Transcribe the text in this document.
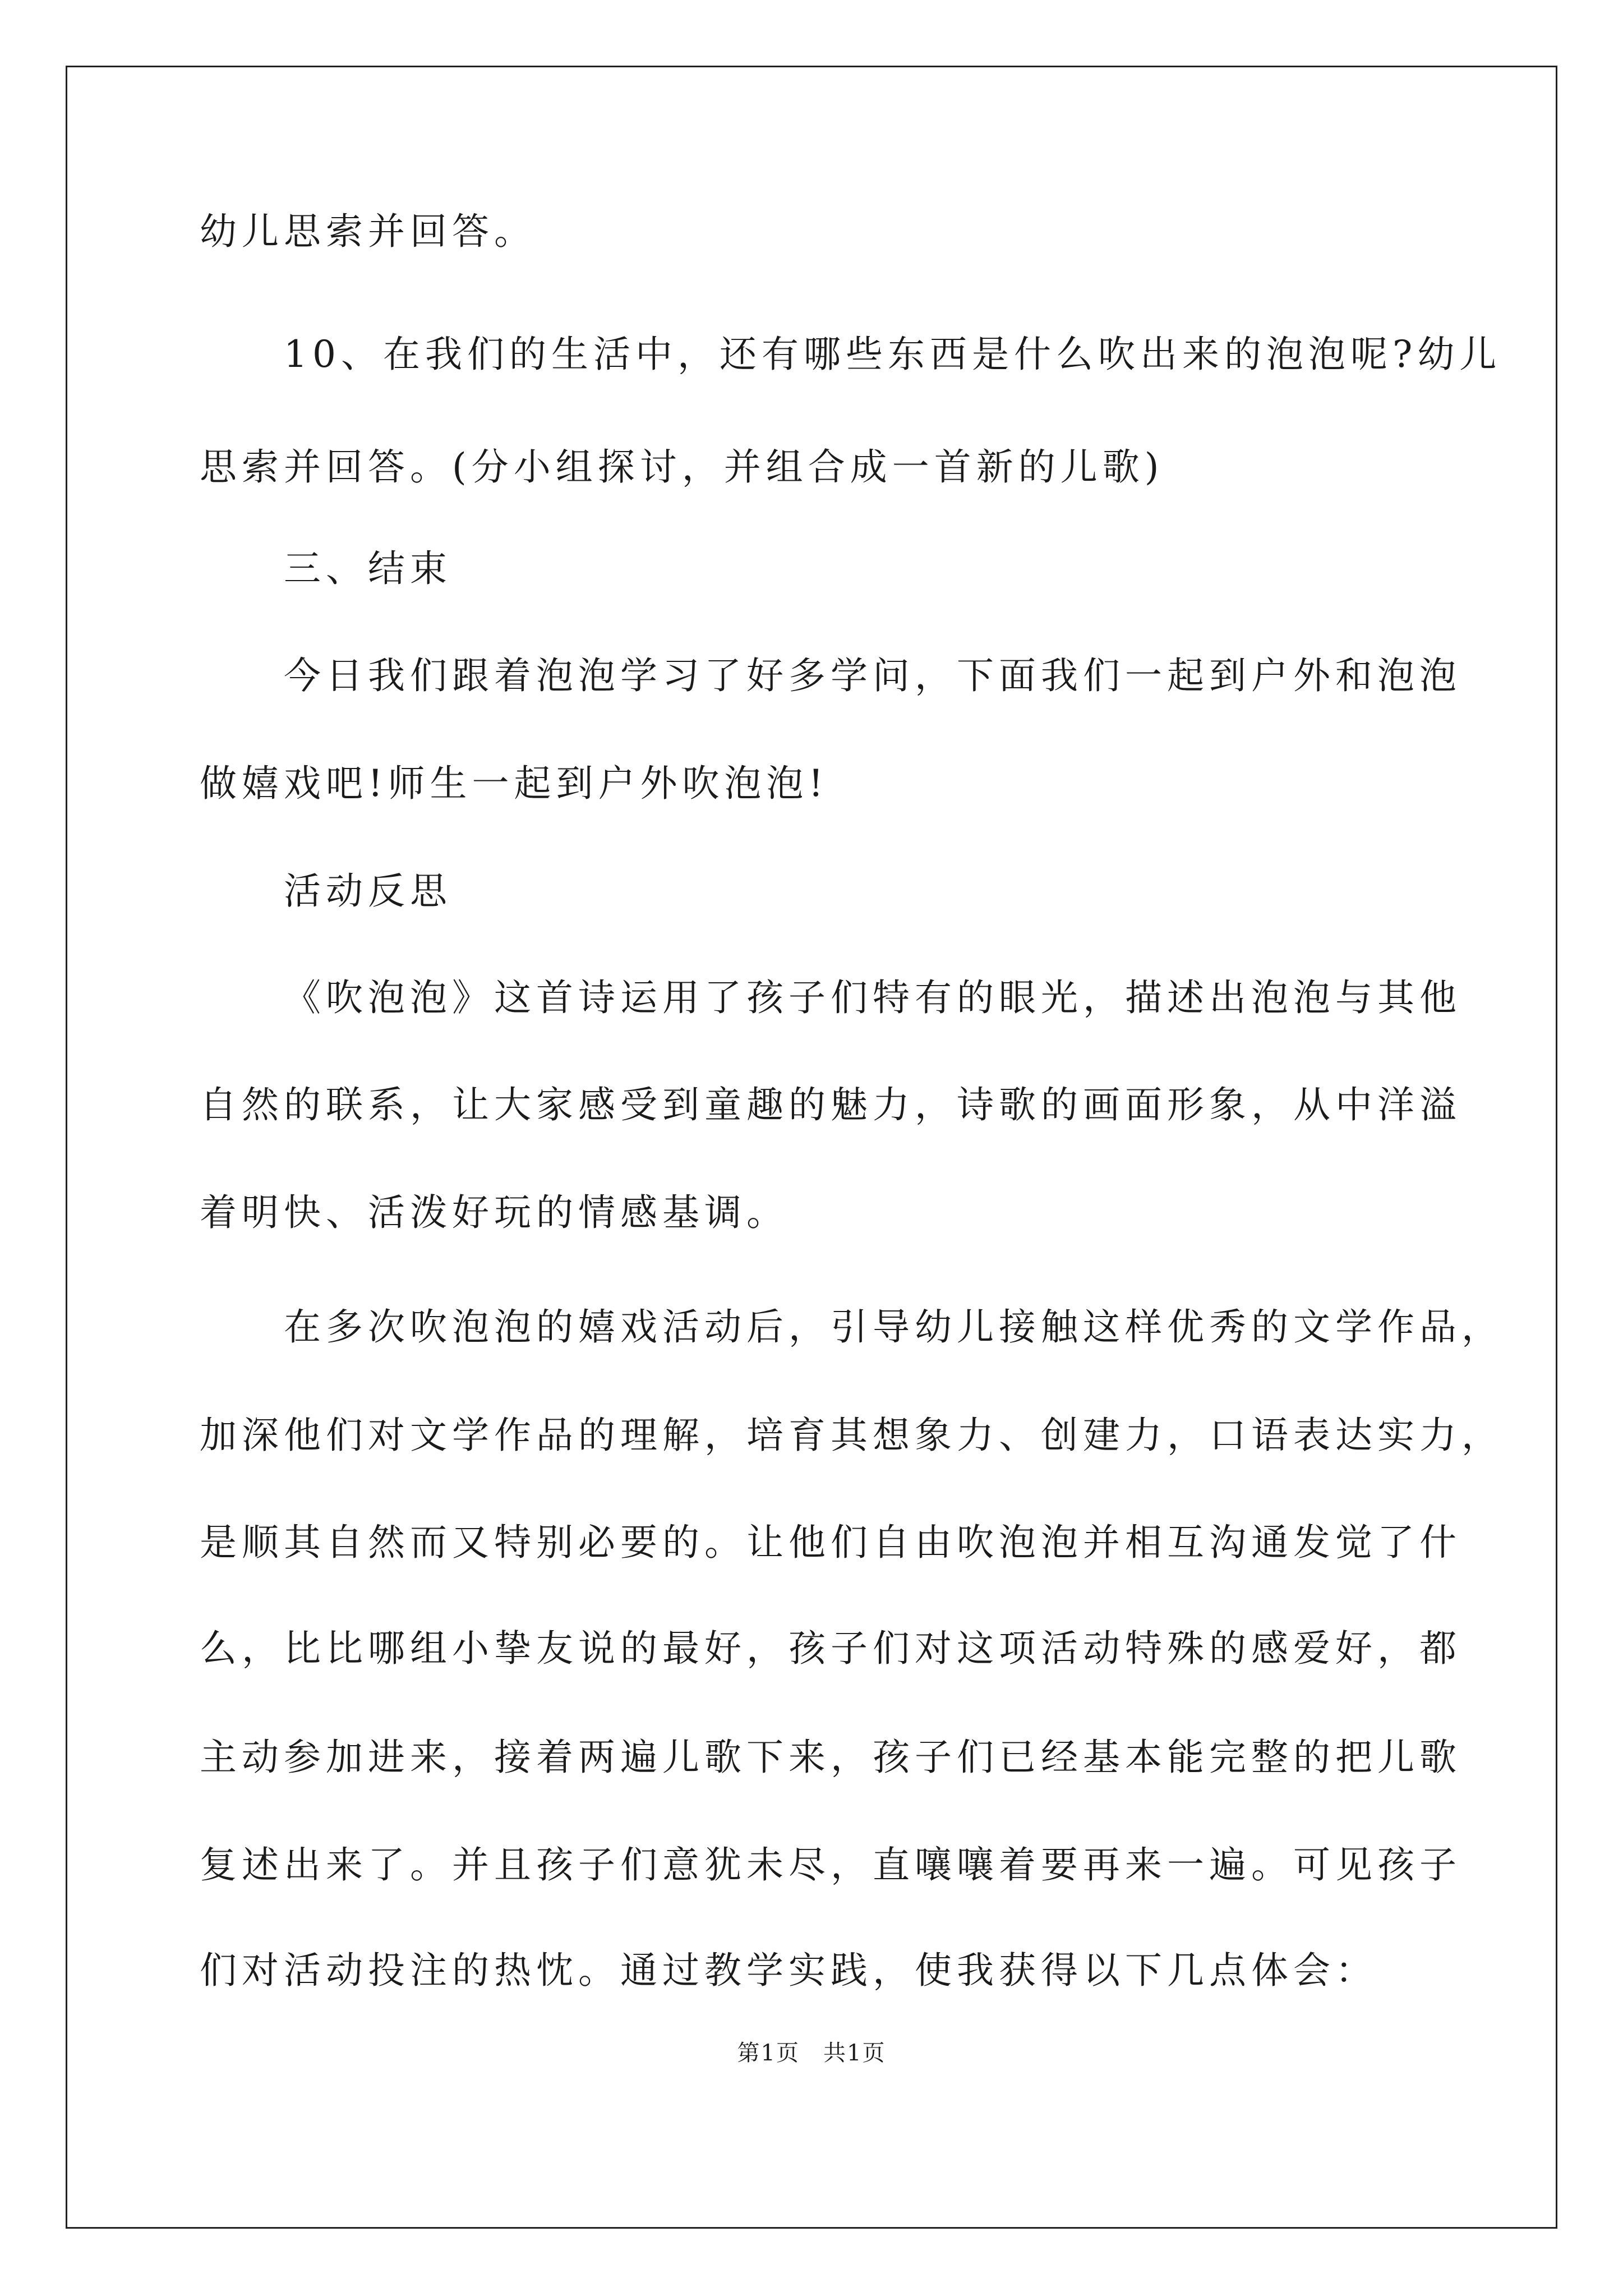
幼儿思索并回答。
10、在我们的生活中，还有哪些东西是什么吹出来的泡泡呢?幼儿
思索并回答。(分小组探讨，并组合成一首新的儿歌)
三、结束
今日我们跟着泡泡学习了好多学问，下面我们一起到户外和泡泡
做嬉戏吧!师生一起到户外吹泡泡!
活动反思
《吹泡泡》这首诗运用了孩子们特有的眼光，描述出泡泡与其他
自然的联系，让大家感受到童趣的魅力，诗歌的画面形象，从中洋溢
着明快、活泼好玩的情感基调。
在多次吹泡泡的嬉戏活动后，引导幼儿接触这样优秀的文学作品，
加深他们对文学作品的理解，培育其想象力、创建力，口语表达实力，
是顺其自然而又特别必要的。让他们自由吹泡泡并相互沟通发觉了什
么，比比哪组小挚友说的最好，孩子们对这项活动特殊的感爱好，都
主动参加进来，接着两遍儿歌下来，孩子们已经基本能完整的把儿歌
复述出来了。并且孩子们意犹未尽，直嚷嚷着要再来一遍。可见孩子
们对活动投注的热忱。通过教学实践，使我获得以下几点体会：
第1页　共1页
